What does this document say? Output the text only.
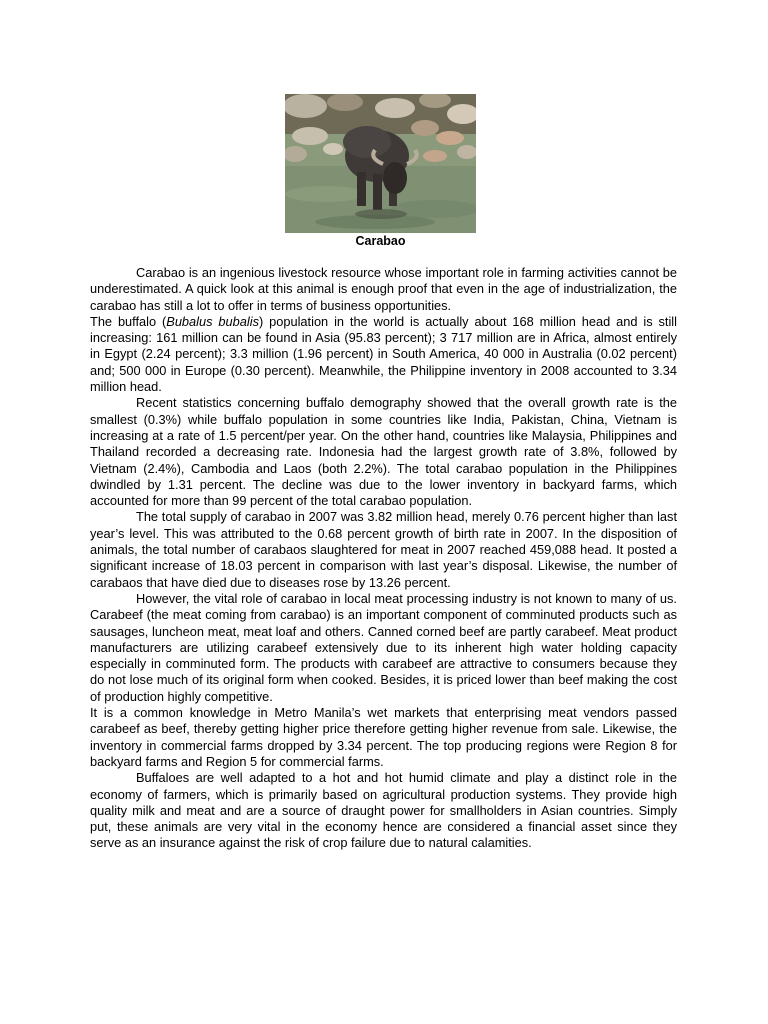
Carabao

Carabao is an ingenious livestock resource whose important role in farming activities cannot be underestimated. A quick look at this animal is enough proof that even in the age of industrialization, the carabao has still a lot to offer in terms of business opportunities.

The buffalo (Bubalus bubalis) population in the world is actually about 168 million head and is still increasing: 161 million can be found in Asia (95.83 percent); 3 717 million are in Africa, almost entirely in Egypt (2.24 percent); 3.3 million (1.96 percent) in South America, 40 000 in Australia (0.02 percent) and; 500 000 in Europe (0.30 percent). Meanwhile, the Philippine inventory in 2008 accounted to 3.34 million head.

Recent statistics concerning buffalo demography showed that the overall growth rate is the smallest (0.3%) while buffalo population in some countries like India, Pakistan, China, Vietnam is increasing at a rate of 1.5 percent/per year. On the other hand, countries like Malaysia, Philippines and Thailand recorded a decreasing rate. Indonesia had the largest growth rate of 3.8%, followed by Vietnam (2.4%), Cambodia and Laos (both 2.2%). The total carabao population in the Philippines dwindled by 1.31 percent. The decline was due to the lower inventory in backyard farms, which accounted for more than 99 percent of the total carabao population.

The total supply of carabao in 2007 was 3.82 million head, merely 0.76 percent higher than last year’s level. This was attributed to the 0.68 percent growth of birth rate in 2007. In the disposition of animals, the total number of carabaos slaughtered for meat in 2007 reached 459,088 head. It posted a significant increase of 18.03 percent in comparison with last year’s disposal. Likewise, the number of carabaos that have died due to diseases rose by 13.26 percent.

However, the vital role of carabao in local meat processing industry is not known to many of us. Carabeef (the meat coming from carabao) is an important component of comminuted products such as sausages, luncheon meat, meat loaf and others. Canned corned beef are partly carabeef. Meat product manufacturers are utilizing carabeef extensively due to its inherent high water holding capacity especially in comminuted form. The products with carabeef are attractive to consumers because they do not lose much of its original form when cooked. Besides, it is priced lower than beef making the cost of production highly competitive.

It is a common knowledge in Metro Manila’s wet markets that enterprising meat vendors passed carabeef as beef, thereby getting higher price therefore getting higher revenue from sale. Likewise, the inventory in commercial farms dropped by 3.34 percent. The top producing regions were Region 8 for backyard farms and Region 5 for commercial farms.

Buffaloes are well adapted to a hot and hot humid climate and play a distinct role in the economy of farmers, which is primarily based on agricultural production systems. They provide high quality milk and meat and are a source of draught power for smallholders in Asian countries. Simply put, these animals are very vital in the economy hence are considered a financial asset since they serve as an insurance against the risk of crop failure due to natural calamities.
